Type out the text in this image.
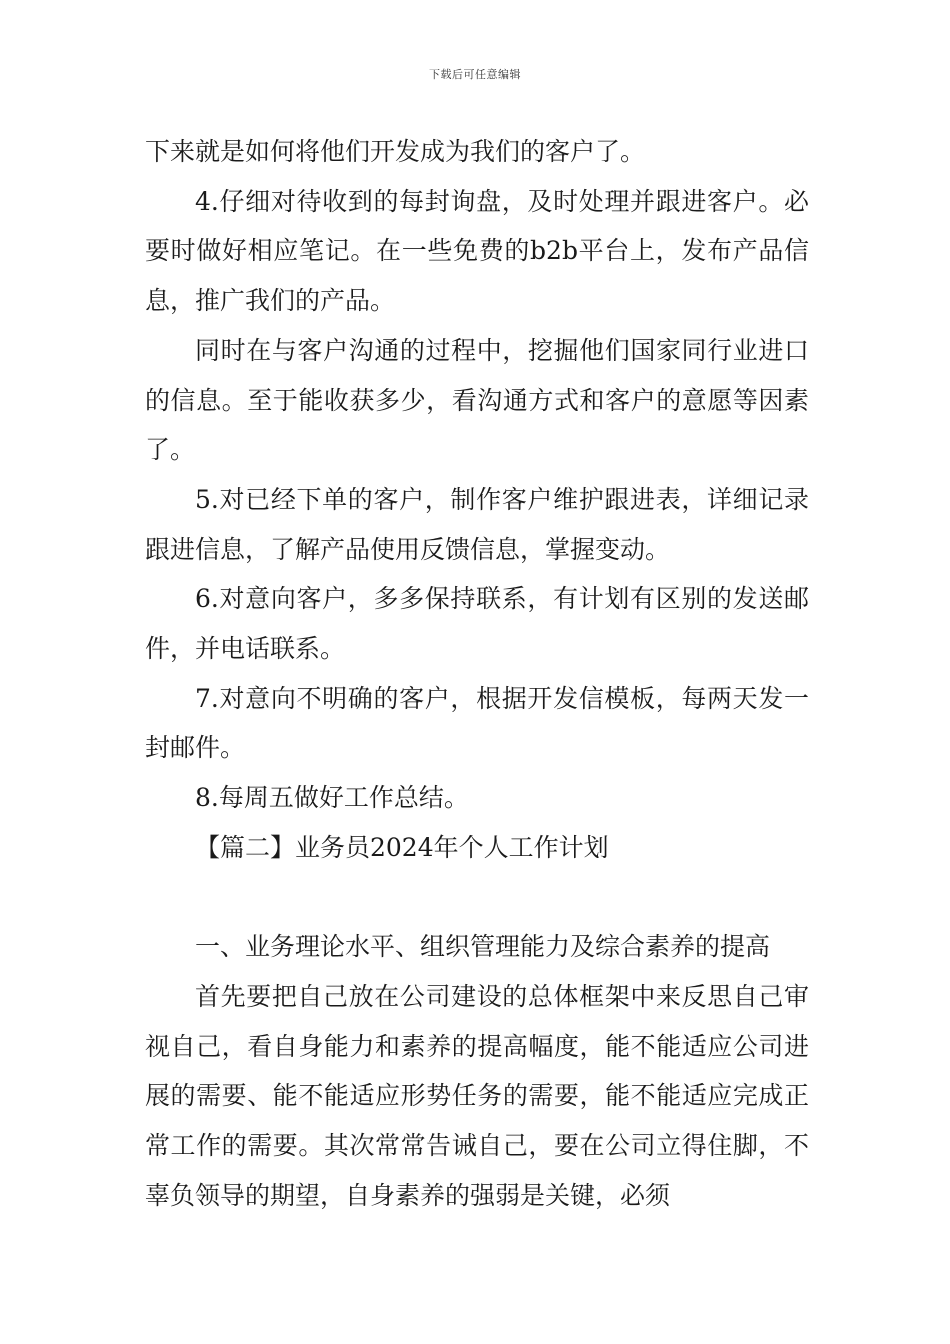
下载后可任意编辑

下来就是如何将他们开发成为我们的客户了。

4.仔细对待收到的每封询盘，及时处理并跟进客户。必要时做好相应笔记。在一些免费的b2b平台上，发布产品信息，推广我们的产品。

同时在与客户沟通的过程中，挖掘他们国家同行业进口的信息。至于能收获多少，看沟通方式和客户的意愿等因素了。

5.对已经下单的客户，制作客户维护跟进表，详细记录跟进信息，了解产品使用反馈信息，掌握变动。

6.对意向客户，多多保持联系，有计划有区别的发送邮件，并电话联系。

7.对意向不明确的客户，根据开发信模板，每两天发一封邮件。

8.每周五做好工作总结。

【篇二】业务员2024年个人工作计划

一、业务理论水平、组织管理能力及综合素养的提高

首先要把自己放在公司建设的总体框架中来反思自己审视自己，看自身能力和素养的提高幅度，能不能适应公司进展的需要、能不能适应形势任务的需要，能不能适应完成正常工作的需要。其次常常告诫自己，要在公司立得住脚，不辜负领导的期望，自身素养的强弱是关键，必须
